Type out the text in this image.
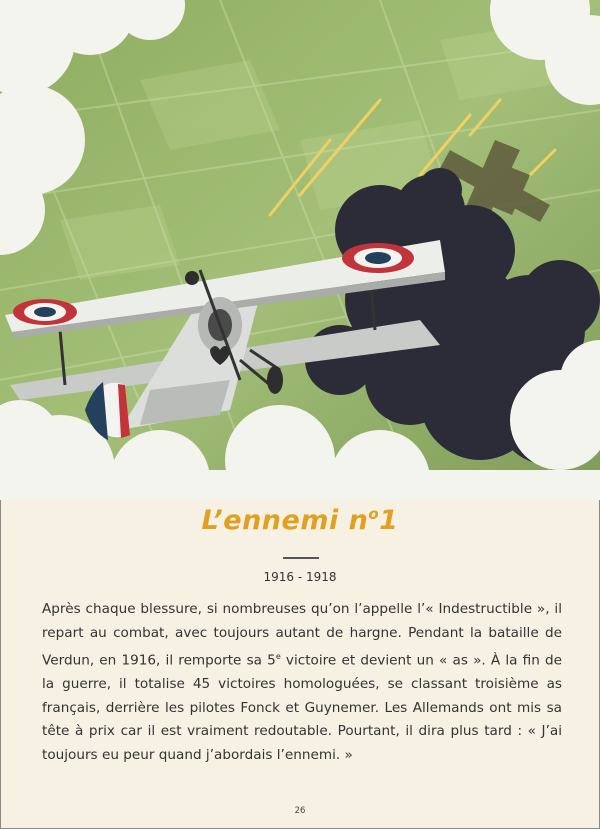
L’ennemi $n^o1$
1916 - 1918
Après chaque blessure, si nombreuses qu’on l’appelle l’« Indestructible », il repart au combat, avec toujours autant de hargne. Pendant la bataille de Verdun, en 1916, il remporte sa 5e victoire et devient un « as ». À la fin de la guerre, il totalise 45 victoires homologuées, se classant troisième as français, derrière les pilotes Fonck et Guynemer. Les Allemands ont mis sa tête à prix car il est vraiment redoutable. Pourtant, il dira plus tard : « J’ai toujours eu peur quand j’abordais l’ennemi. »
26
